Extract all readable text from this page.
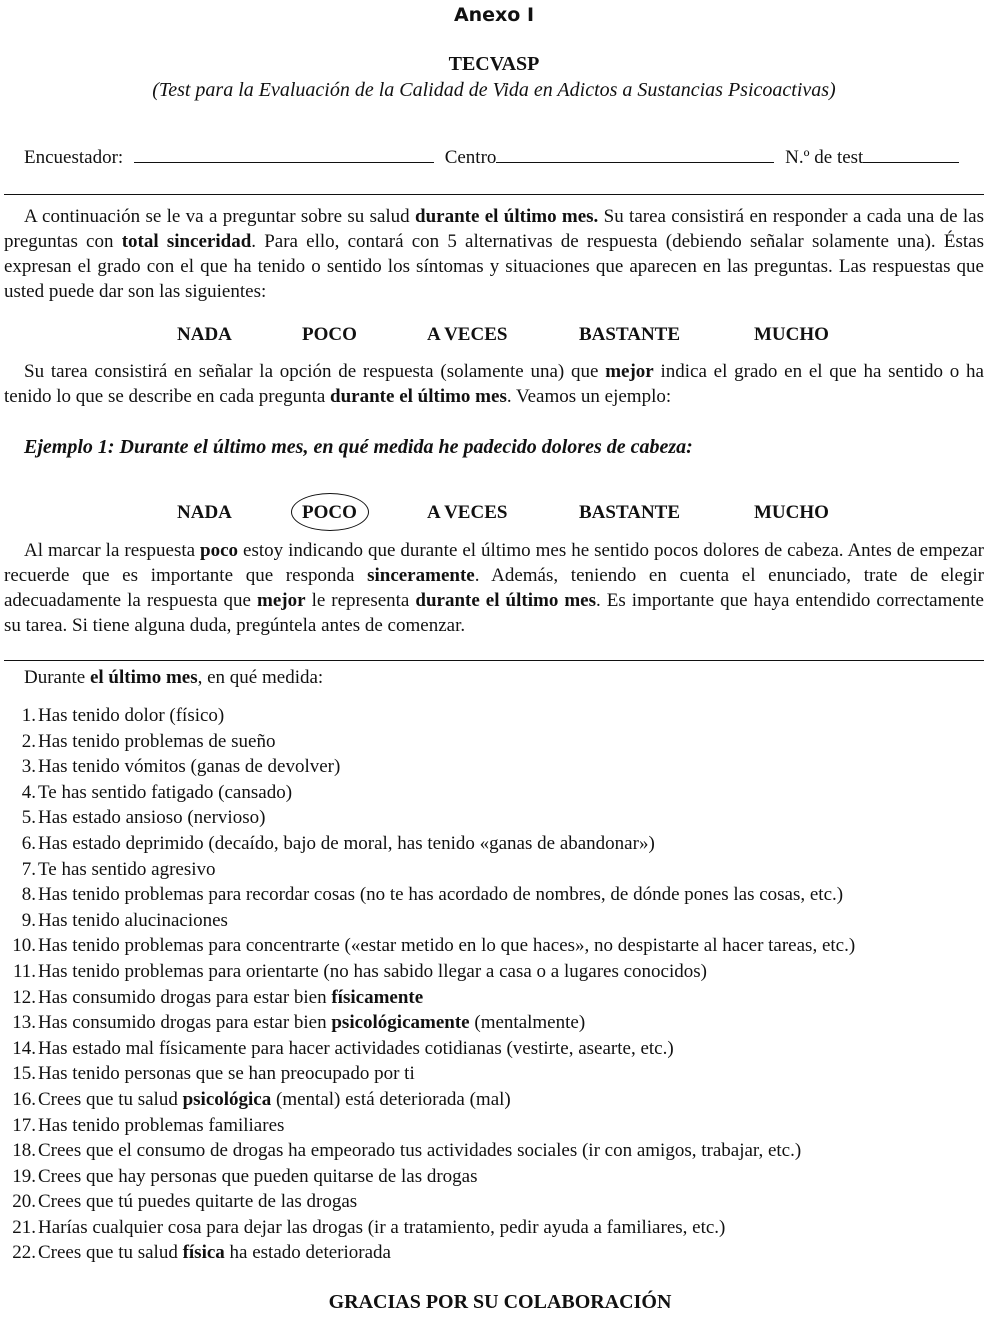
Anexo I
TECVASP
(Test para la Evaluación de la Calidad de Vida en Adictos a Sustancias Psicoactivas)
Encuestador:	Centro	N.º de test

A continuación se le va a preguntar sobre su salud durante el último mes. Su tarea consistirá en responder a cada una de las preguntas con total sinceridad. Para ello, contará con 5 alternativas de respuesta (debiendo señalar solamente una). Éstas expresan el grado con el que ha tenido o sentido los síntomas y situaciones que aparecen en las preguntas. Las respuestas que usted puede dar son las siguientes:

NADA	POCO	A VECES	BASTANTE	MUCHO

Su tarea consistirá en señalar la opción de respuesta (solamente una) que mejor indica el grado en el que ha sentido o ha tenido lo que se describe en cada pregunta durante el último mes. Veamos un ejemplo:

Ejemplo 1: Durante el último mes, en qué medida he padecido dolores de cabeza:
NADA	POCO	A VECES	BASTANTE	MUCHO

Al marcar la respuesta poco estoy indicando que durante el último mes he sentido pocos dolores de cabeza. Antes de empezar recuerde que es importante que responda sinceramente. Además, teniendo en cuenta el enunciado, trate de elegir adecuadamente la respuesta que mejor le representa durante el último mes. Es importante que haya entendido correctamente su tarea. Si tiene alguna duda, pregúntela antes de comenzar.

Durante el último mes, en qué medida:
1. Has tenido dolor (físico)
2. Has tenido problemas de sueño
3. Has tenido vómitos (ganas de devolver)
4. Te has sentido fatigado (cansado)
5. Has estado ansioso (nervioso)
6. Has estado deprimido (decaído, bajo de moral, has tenido «ganas de abandonar»)
7. Te has sentido agresivo
8. Has tenido problemas para recordar cosas (no te has acordado de nombres, de dónde pones las cosas, etc.)
9. Has tenido alucinaciones
10. Has tenido problemas para concentrarte («estar metido en lo que haces», no despistarte al hacer tareas, etc.)
11. Has tenido problemas para orientarte (no has sabido llegar a casa o a lugares conocidos)
12. Has consumido drogas para estar bien físicamente
13. Has consumido drogas para estar bien psicológicamente (mentalmente)
14. Has estado mal físicamente para hacer actividades cotidianas (vestirte, asearte, etc.)
15. Has tenido personas que se han preocupado por ti
16. Crees que tu salud psicológica (mental) está deteriorada (mal)
17. Has tenido problemas familiares
18. Crees que el consumo de drogas ha empeorado tus actividades sociales (ir con amigos, trabajar, etc.)
19. Crees que hay personas que pueden quitarse de las drogas
20. Crees que tú puedes quitarte de las drogas
21. Harías cualquier cosa para dejar las drogas (ir a tratamiento, pedir ayuda a familiares, etc.)
22. Crees que tu salud física ha estado deteriorada
GRACIAS POR SU COLABORACIÓN
